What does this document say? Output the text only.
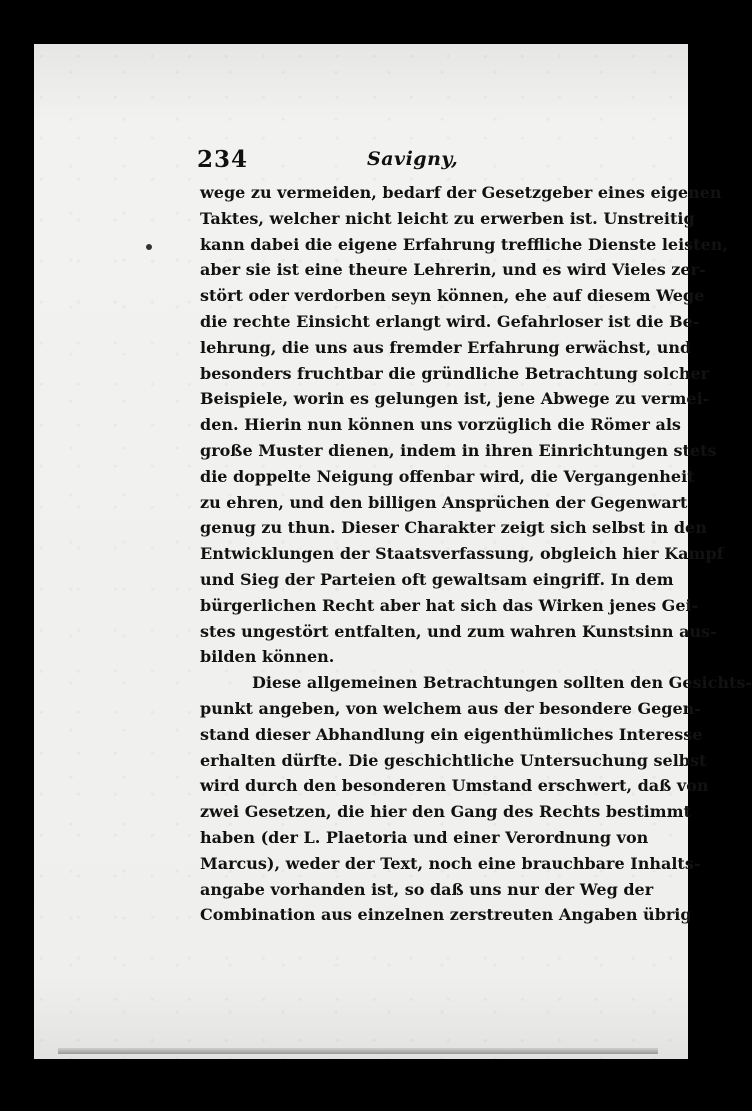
234	Savigny,
wege zu vermeiden, bedarf der Gesetzgeber eines eigenen
Taktes, welcher nicht leicht zu erwerben ist. Unstreitig
kann dabei die eigene Erfahrung treffliche Dienste leisten,
aber sie ist eine theure Lehrerin, und es wird Vieles zer-
stört oder verdorben seyn können, ehe auf diesem Wege
die rechte Einsicht erlangt wird. Gefahrloser ist die Be-
lehrung, die uns aus fremder Erfahrung erwächst, und
besonders fruchtbar die gründliche Betrachtung solcher
Beispiele, worin es gelungen ist, jene Abwege zu vermei-
den. Hierin nun können uns vorzüglich die Römer als
große Muster dienen, indem in ihren Einrichtungen stets
die doppelte Neigung offenbar wird, die Vergangenheit
zu ehren, und den billigen Ansprüchen der Gegenwart
genug zu thun. Dieser Charakter zeigt sich selbst in den
Entwicklungen der Staatsverfassung, obgleich hier Kampf
und Sieg der Parteien oft gewaltsam eingriff. In dem
bürgerlichen Recht aber hat sich das Wirken jenes Gei-
stes ungestört entfalten, und zum wahren Kunstsinn aus-
bilden können.
Diese allgemeinen Betrachtungen sollten den Gesichts-
punkt angeben, von welchem aus der besondere Gegen-
stand dieser Abhandlung ein eigenthümliches Interesse
erhalten dürfte. Die geschichtliche Untersuchung selbst
wird durch den besonderen Umstand erschwert, daß von
zwei Gesetzen, die hier den Gang des Rechts bestimmt
haben (der L. Plaetoria und einer Verordnung von
Marcus), weder der Text, noch eine brauchbare Inhalts-
angabe vorhanden ist, so daß uns nur der Weg der
Combination aus einzelnen zerstreuten Angaben übrig
